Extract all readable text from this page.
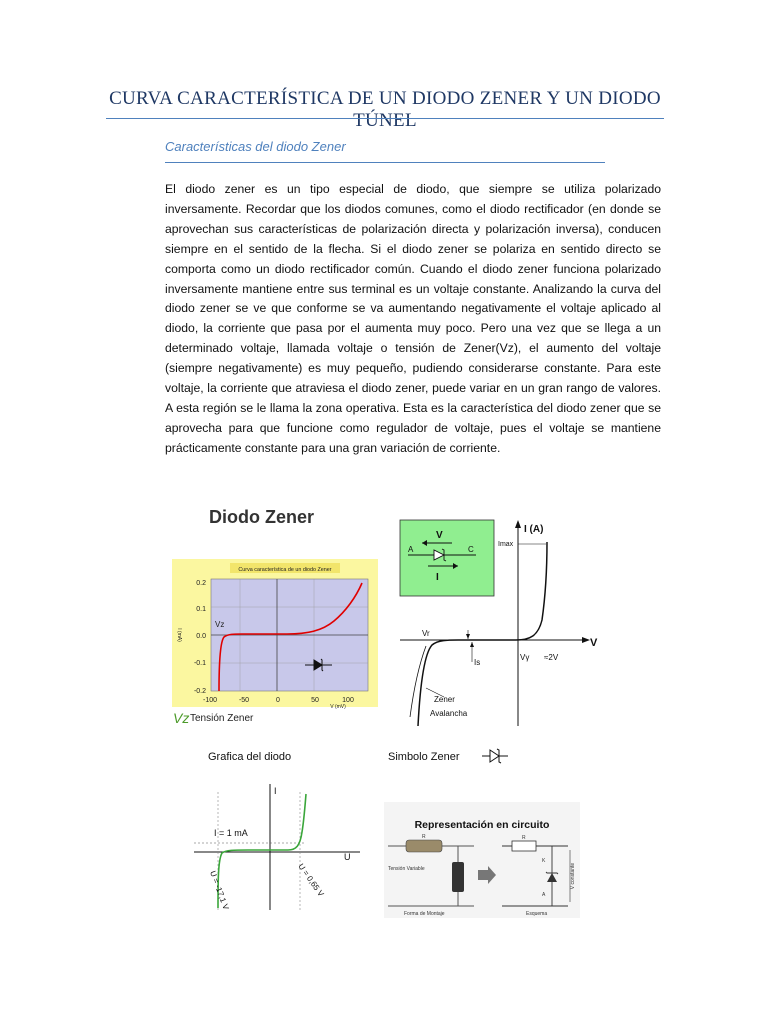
CURVA CARACTERÍSTICA DE UN DIODO ZENER Y UN DIODO TÚNEL
Características del diodo Zener

El diodo zener es un tipo especial de diodo, que siempre se utiliza polarizado inversamente. Recordar que los diodos comunes, como el diodo rectificador (en donde se aprovechan sus características de polarización directa y polarización inversa), conducen siempre en el sentido de la flecha. Si el diodo zener se polariza en sentido directo se comporta como un diodo rectificador común. Cuando el diodo zener funciona polarizado inversamente mantiene entre sus terminal es un voltaje constante. Analizando la curva del diodo zener se ve que conforme se va aumentando negativamente el voltaje aplicado al diodo, la corriente que pasa por el aumenta muy poco. Pero una vez que se llega a un determinado voltaje, llamada voltaje o tensión de Zener(Vz), el aumento del voltaje (siempre negativamente) es muy pequeño, pudiendo considerarse constante. Para este voltaje, la corriente que atraviesa el diodo zener, puede variar en un gran rango de valores. A esta región se le llama la zona operativa. Esta es la característica del diodo zener que se aprovecha para que funcione como regulador de voltaje, pues el voltaje se mantiene prácticamente constante para una gran variación de corriente.

Diodo Zener
Curva característica de un diodo Zener
0.2
0.1
0.0
-0.1
-0.2
-100	-50	0	50	100
I (mA)
V (mV)
Vz
Vz Tensión Zener
V
A	C
I
I (A)
V
Imax
Vr
Is
Vγ ≈2V
Zener
Avalancha
Grafica del diodo
I
U
I = 1 mA
U = -17,1 V	U = 0,65 V
Simbolo Zener
Representación en circuito
R
Tensión Variable
Forma de Montaje
R
K
A
V constante
Esquema
